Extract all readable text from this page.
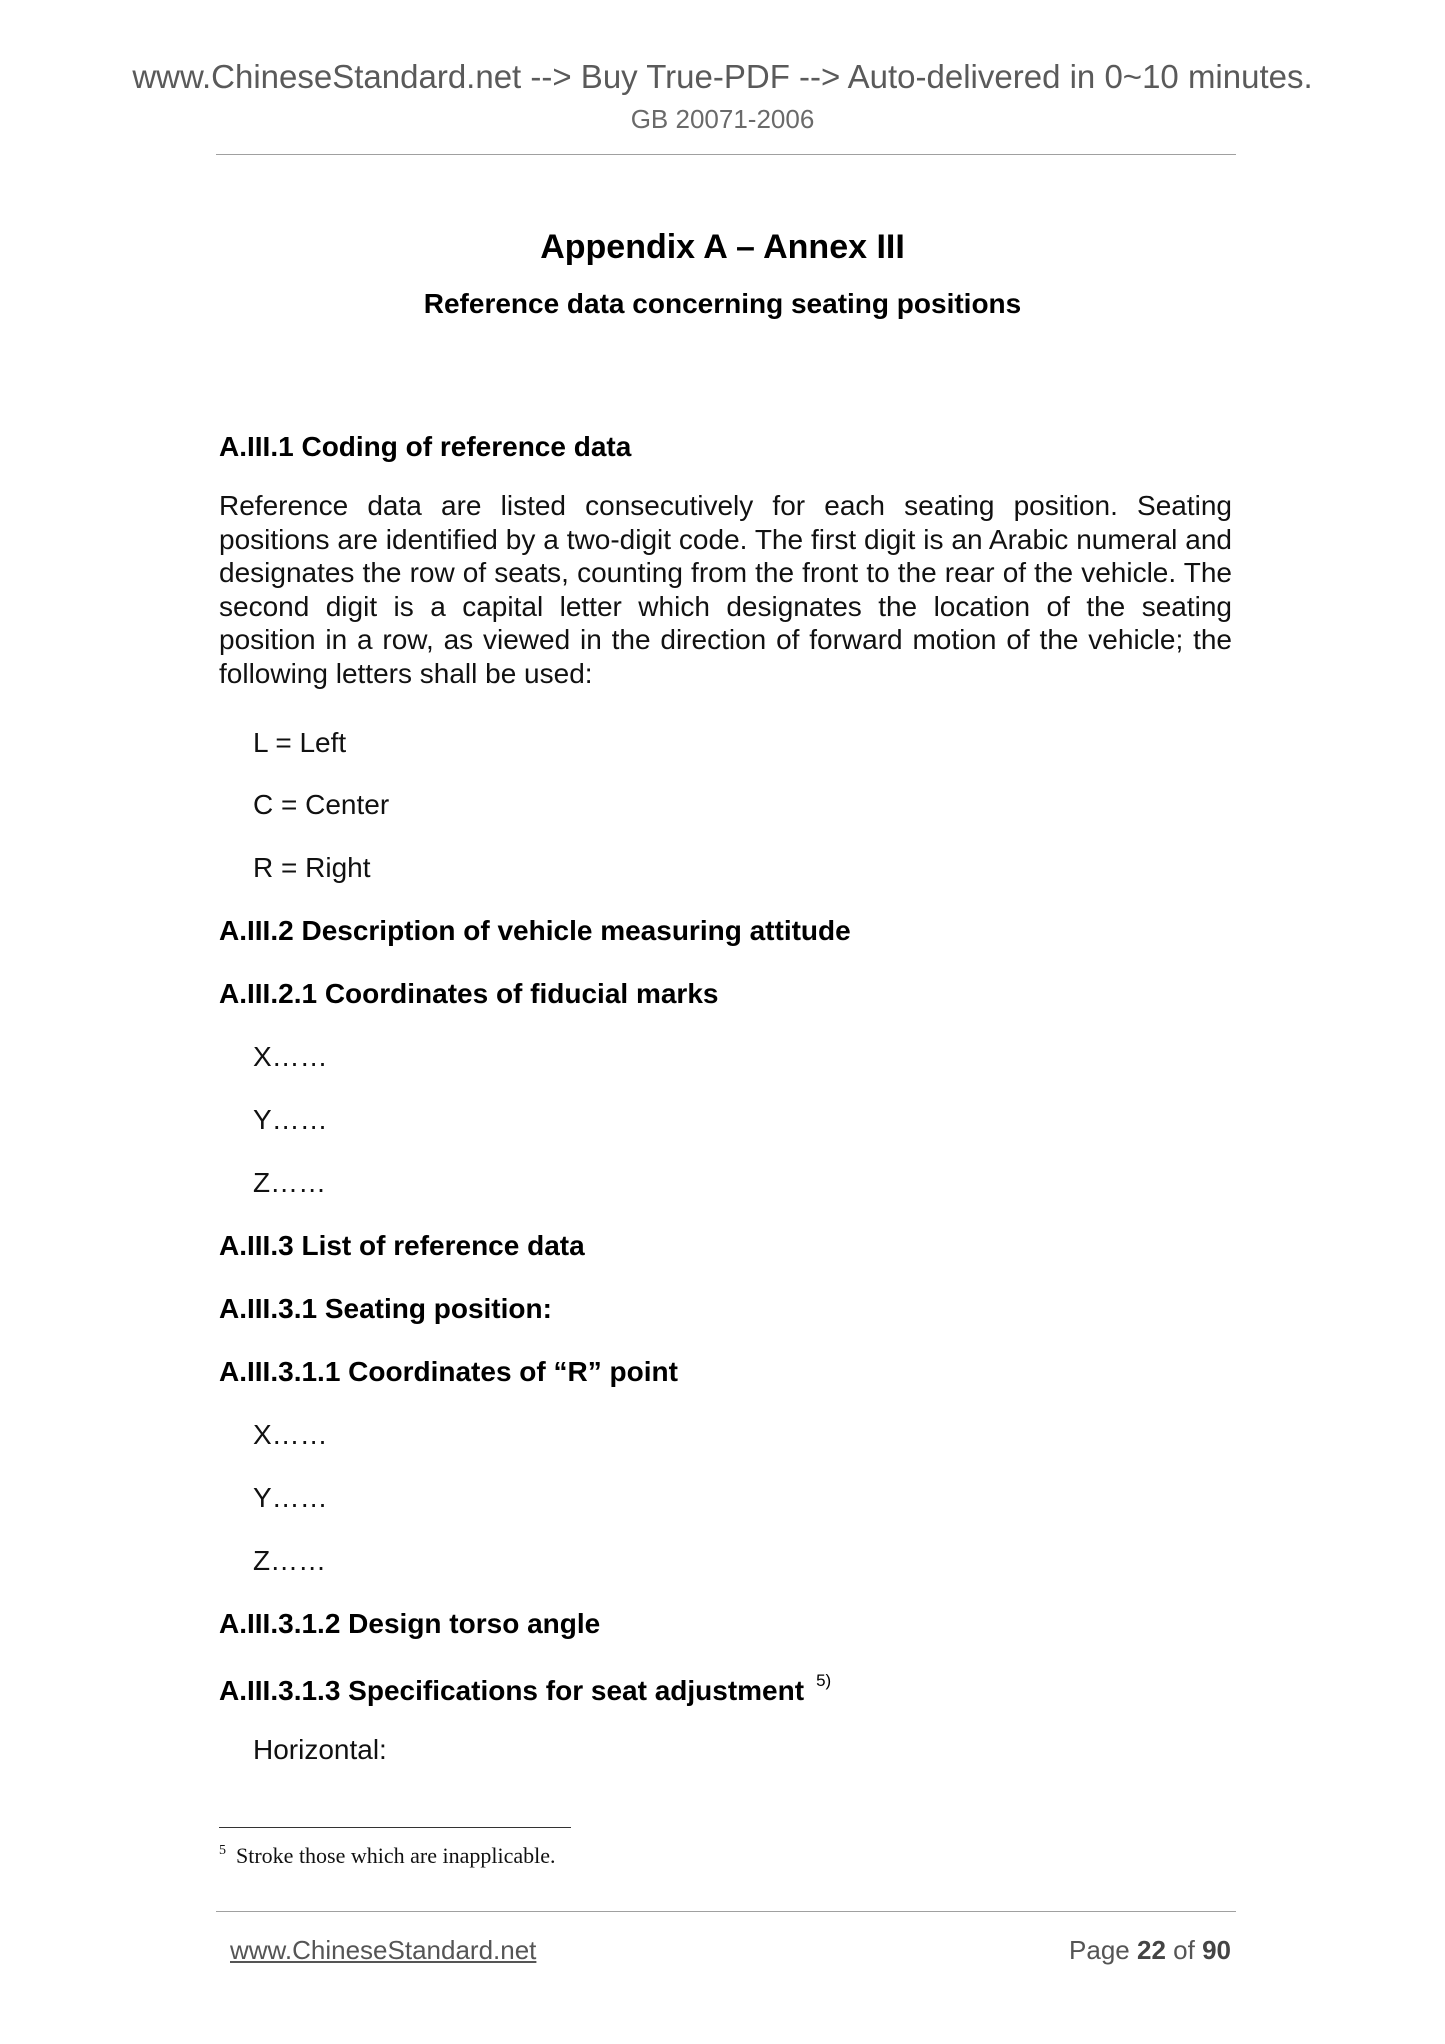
www.ChineseStandard.net --> Buy True-PDF --> Auto-delivered in 0~10 minutes.
GB 20071-2006
Appendix A – Annex III
Reference data concerning seating positions
A.III.1 Coding of reference data
Reference data are listed consecutively for each seating position. Seating positions are identified by a two-digit code. The first digit is an Arabic numeral and designates the row of seats, counting from the front to the rear of the vehicle. The second digit is a capital letter which designates the location of the seating position in a row, as viewed in the direction of forward motion of the vehicle; the following letters shall be used:
L = Left
C = Center
R = Right
A.III.2 Description of vehicle measuring attitude
A.III.2.1 Coordinates of fiducial marks
X……
Y……
Z……
A.III.3 List of reference data
A.III.3.1 Seating position:
A.III.3.1.1 Coordinates of “R” point
X……
Y……
Z……
A.III.3.1.2 Design torso angle
A.III.3.1.3 Specifications for seat adjustment $^{5)}$
Horizontal:
$^5$ Stroke those which are inapplicable.
www.ChineseStandard.net	Page 22 of 90
